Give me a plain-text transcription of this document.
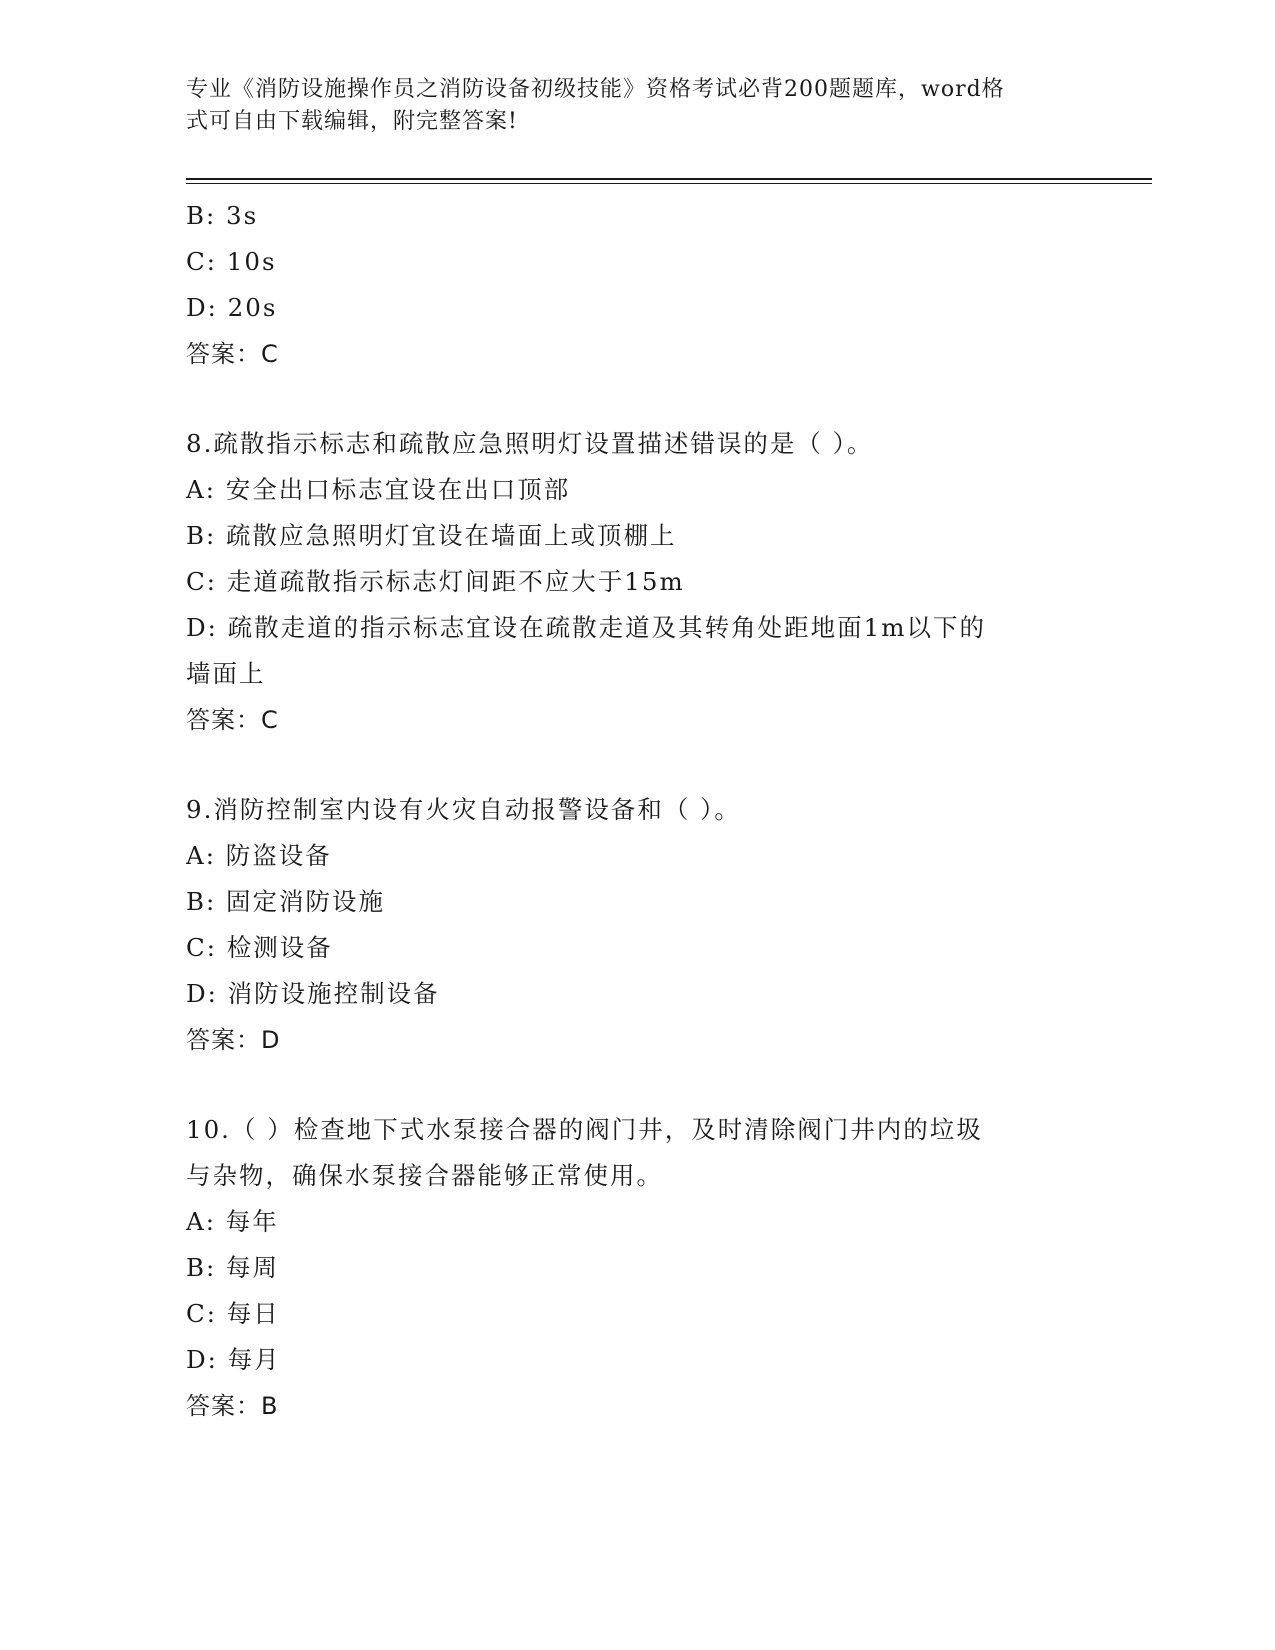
专业《消防设施操作员之消防设备初级技能》资格考试必背200题题库，word格
式可自由下载编辑，附完整答案!
B: 3s
C: 10s
D: 20s
答案：C
8.疏散指示标志和疏散应急照明灯设置描述错误的是（ ）。
A: 安全出口标志宜设在出口顶部
B: 疏散应急照明灯宜设在墙面上或顶棚上
C: 走道疏散指示标志灯间距不应大于15m
D: 疏散走道的指示标志宜设在疏散走道及其转角处距地面1m以下的
墙面上
答案：C
9.消防控制室内设有火灾自动报警设备和（ ）。
A: 防盗设备
B: 固定消防设施
C: 检测设备
D: 消防设施控制设备
答案：D
10.（ ）检查地下式水泵接合器的阀门井，及时清除阀门井内的垃圾
与杂物，确保水泵接合器能够正常使用。
A: 每年
B: 每周
C: 每日
D: 每月
答案：B
